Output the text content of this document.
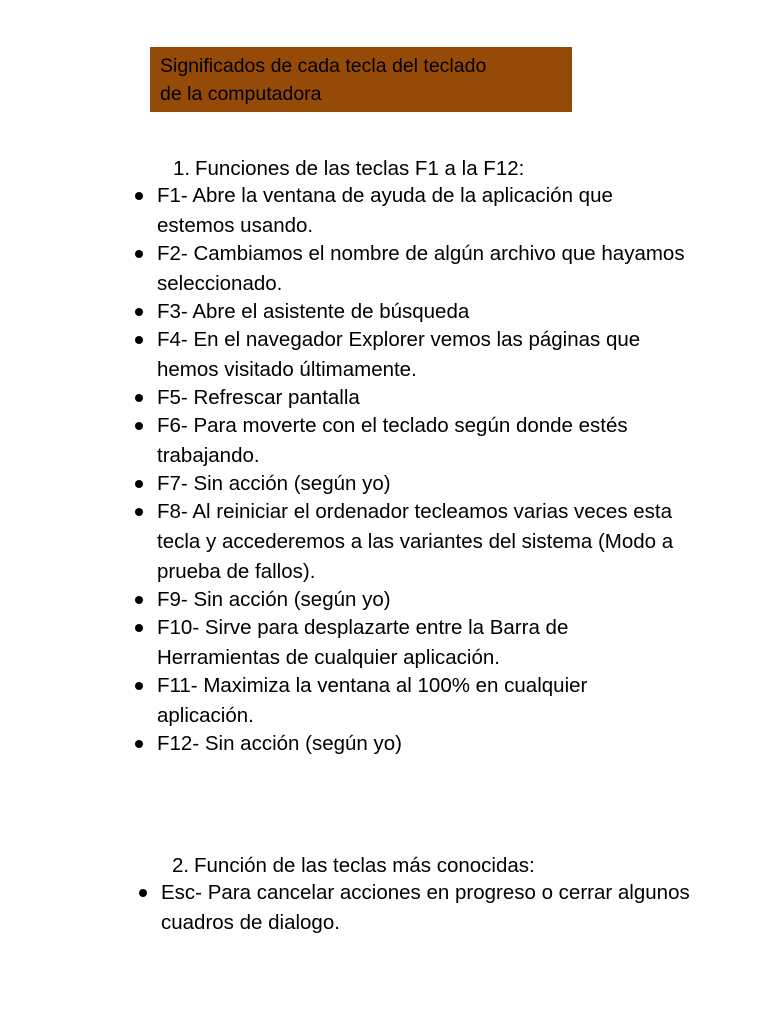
Significados de cada tecla del teclado
de la computadora
1. Funciones de las teclas F1 a la F12:
F1- Abre la ventana de ayuda de la aplicación que estemos usando.
F2- Cambiamos el nombre de algún archivo que hayamos seleccionado.
F3- Abre el asistente de búsqueda
F4- En el navegador Explorer vemos las páginas que hemos visitado últimamente.
F5- Refrescar pantalla
F6- Para moverte con el teclado según donde estés trabajando.
F7- Sin acción (según yo)
F8- Al reiniciar el ordenador tecleamos varias veces esta tecla y accederemos a las variantes del sistema (Modo a prueba de fallos).
F9- Sin acción (según yo)
F10- Sirve para desplazarte entre la Barra de Herramientas de cualquier aplicación.
F11- Maximiza la ventana al 100% en cualquier aplicación.
F12- Sin acción (según yo)
2. Función de las teclas más conocidas:
Esc- Para cancelar acciones en progreso o cerrar algunos cuadros de dialogo.
